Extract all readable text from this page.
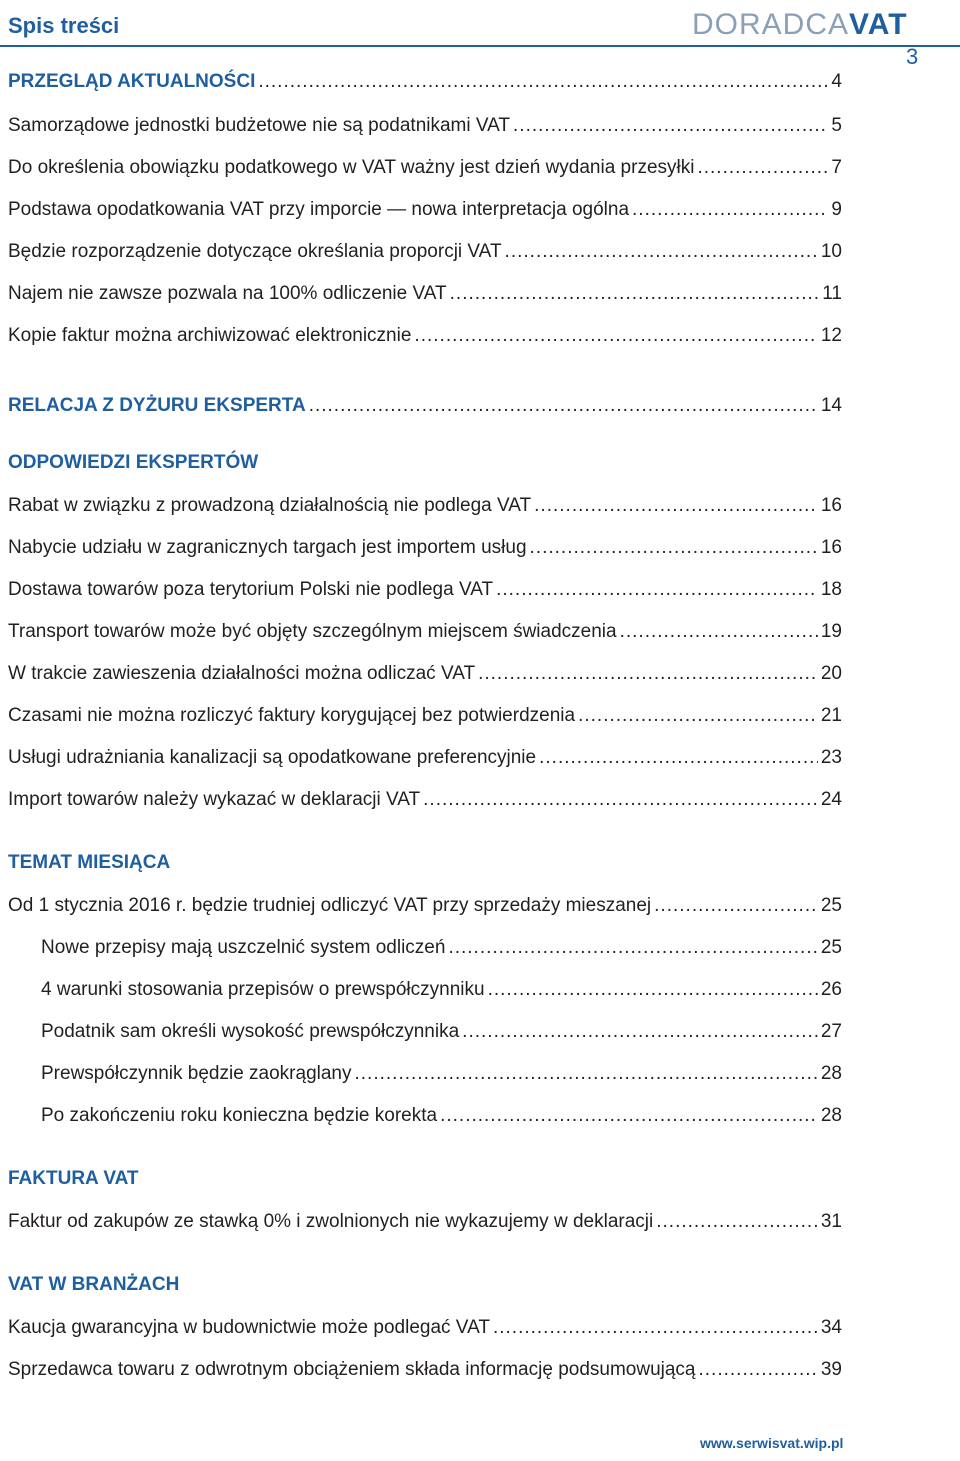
Spis treści	DORADCAVAT
3
PRZEGLĄD AKTUALNOŚCI .....	4
Samorządowe jednostki budżetowe nie są podatnikami VAT .....	5
Do określenia obowiązku podatkowego w VAT ważny jest dzień wydania przesyłki .....	7
Podstawa opodatkowania VAT przy imporcie — nowa interpretacja ogólna .....	9
Będzie rozporządzenie dotyczące określania proporcji VAT .....	10
Najem nie zawsze pozwala na 100% odliczenie VAT .....	11
Kopie faktur można archiwizować elektronicznie .....	12
RELACJA Z DYŻURU EKSPERTA .....	14
ODPOWIEDZI EKSPERTÓW
Rabat w związku z prowadzoną działalnością nie podlega VAT .....	16
Nabycie udziału w zagranicznych targach jest importem usług .....	16
Dostawa towarów poza terytorium Polski nie podlega VAT .....	18
Transport towarów może być objęty szczególnym miejscem świadczenia .....	19
W trakcie zawieszenia działalności można odliczać VAT .....	20
Czasami nie można rozliczyć faktury korygującej bez potwierdzenia .....	21
Usługi udrażniania kanalizacji są opodatkowane preferencyjnie .....	23
Import towarów należy wykazać w deklaracji VAT .....	24
TEMAT MIESIĄCA
Od 1 stycznia 2016 r. będzie trudniej odliczyć VAT przy sprzedaży mieszanej .....	25
Nowe przepisy mają uszczelnić system odliczeń .....	25
4 warunki stosowania przepisów o prewspółczynniku .....	26
Podatnik sam określi wysokość prewspółczynnika .....	27
Prewspółczynnik będzie zaokrąglany .....	28
Po zakończeniu roku konieczna będzie korekta .....	28
FAKTURA VAT
Faktur od zakupów ze stawką 0% i zwolnionych nie wykazujemy w deklaracji .....	31
VAT W BRANŻACH
Kaucja gwarancyjna w budownictwie może podlegać VAT .....	34
Sprzedawca towaru z odwrotnym obciążeniem składa informację podsumowującą .....	39
www.serwisvat.wip.pl
